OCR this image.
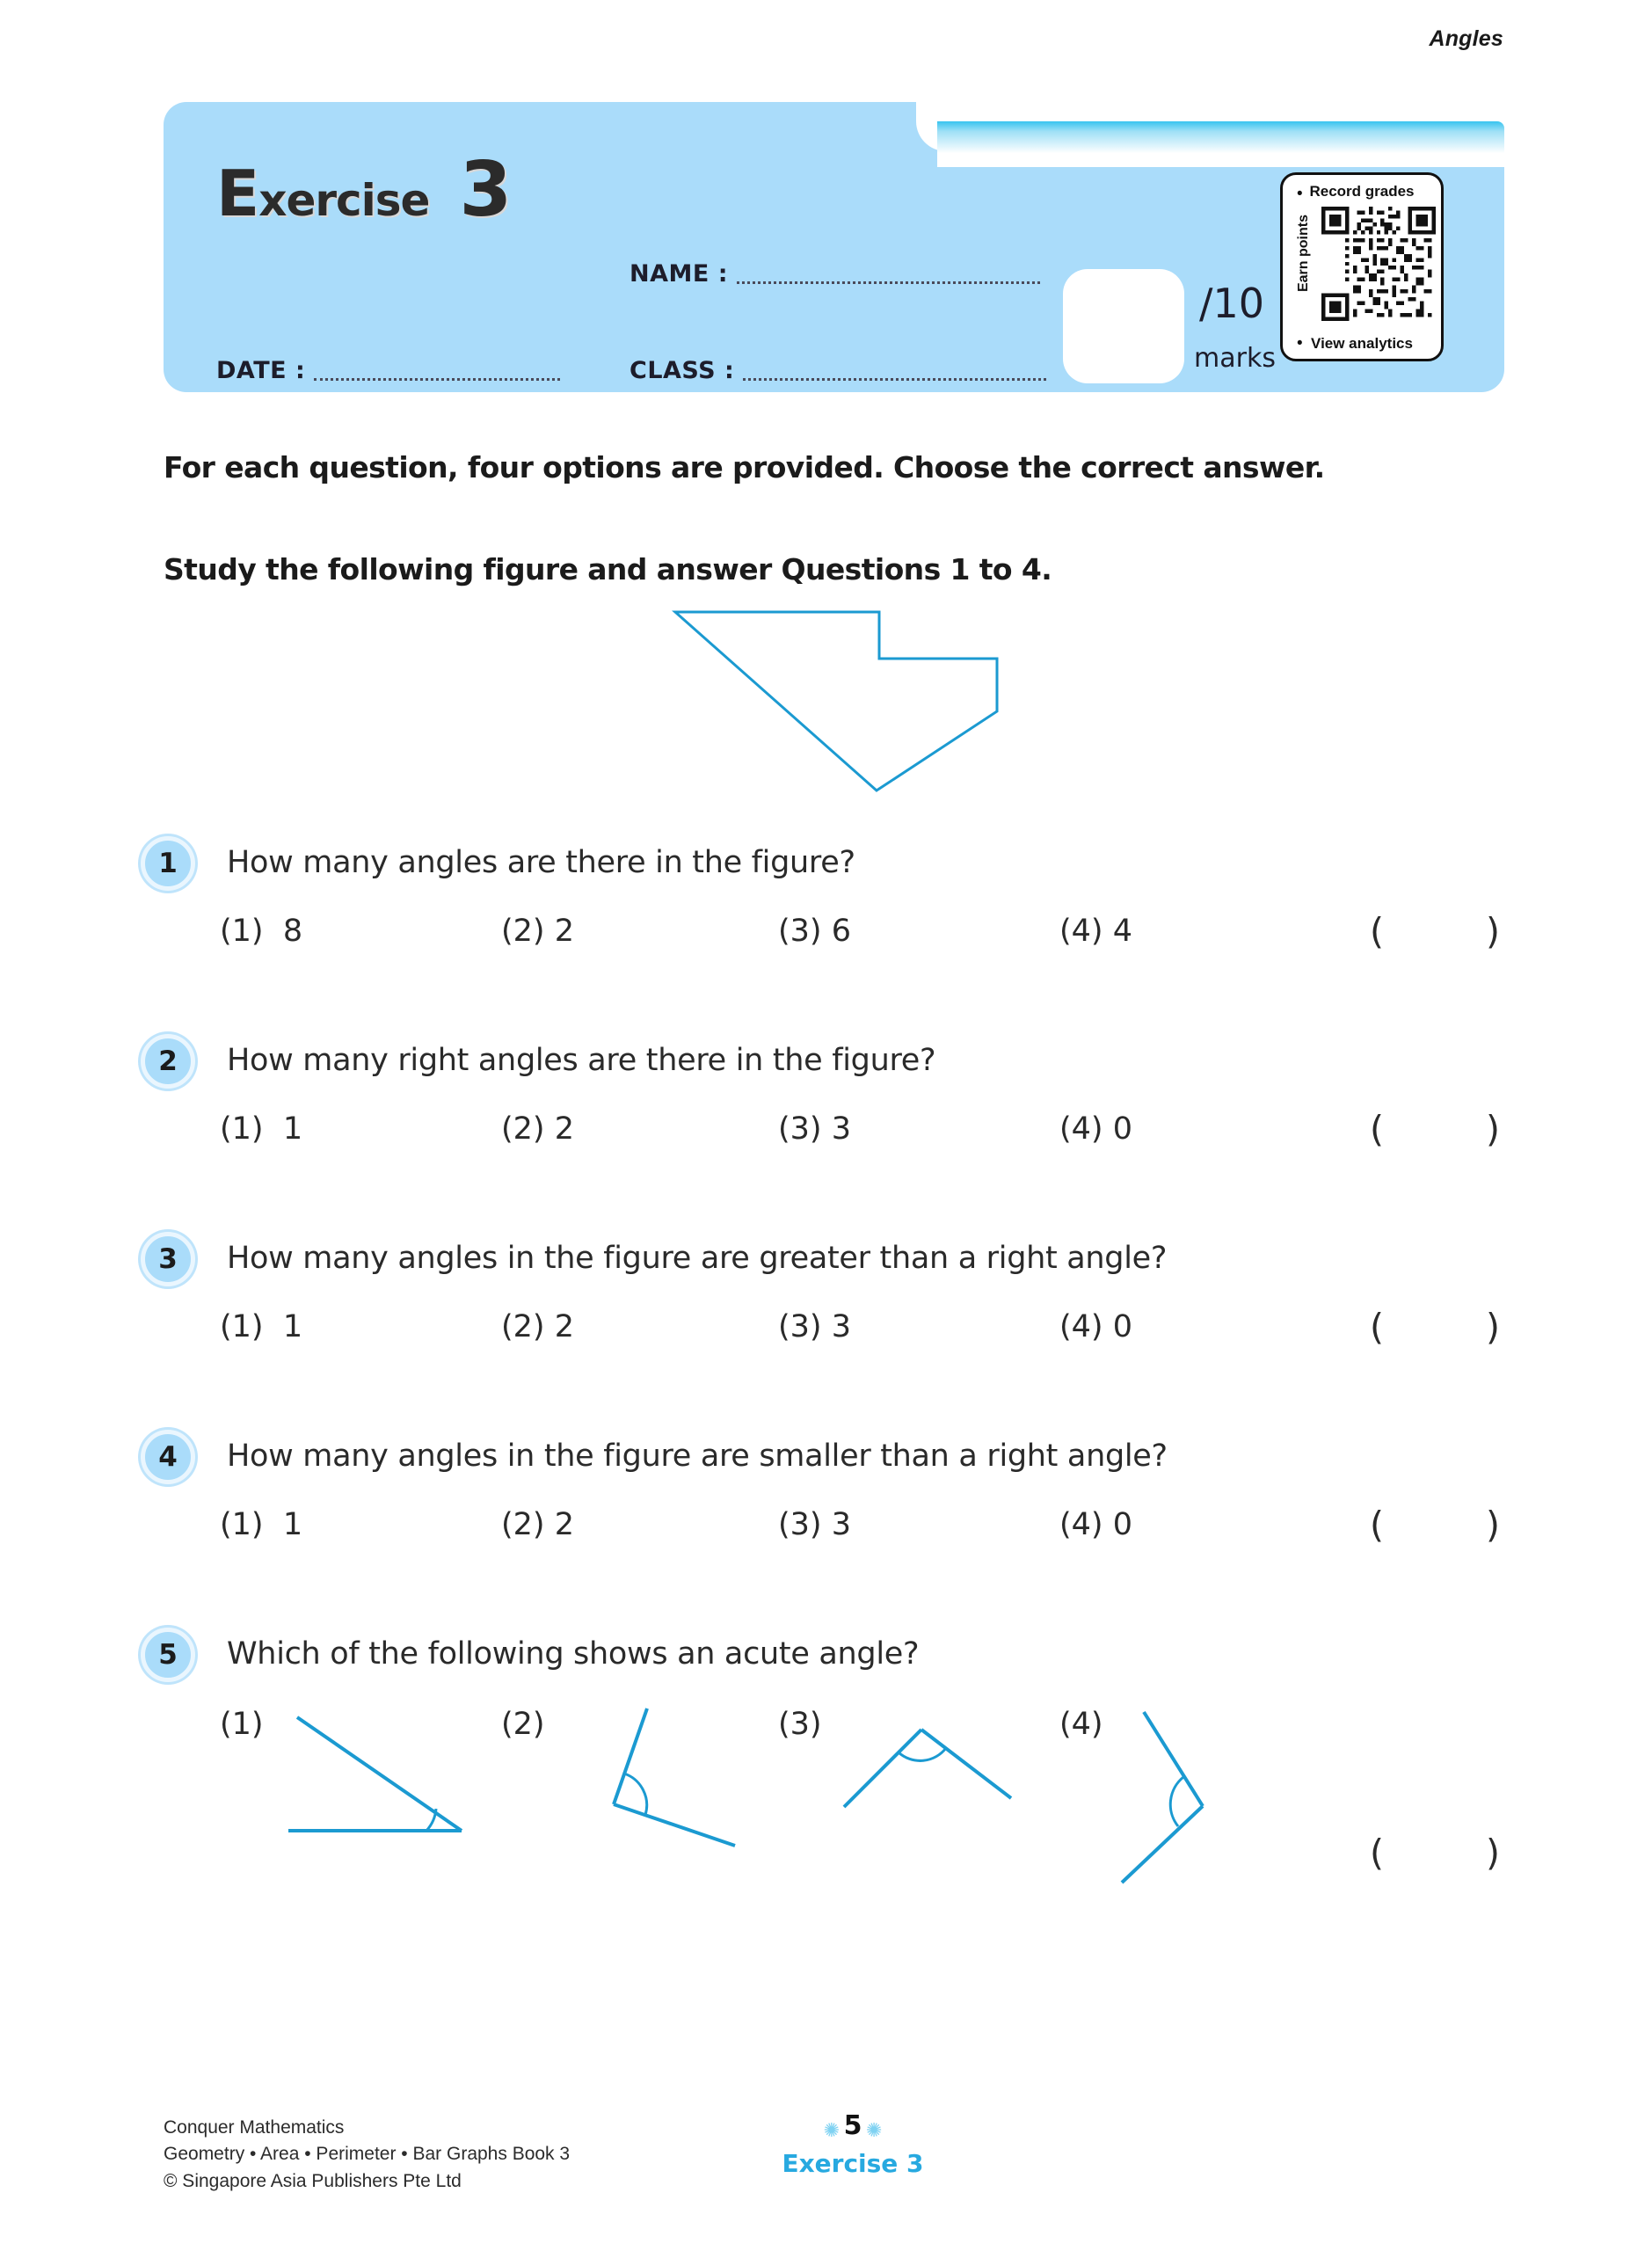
Exercise 3
NAME :
DATE :	CLASS :
/10
marks
• Record grades
Earn points
• View analytics
Angles
For each question, four options are provided. Choose the correct answer.
Study the following figure and answer Questions 1 to 4.
1	How many angles are there in the figure?
(1) 8	(2) 2	(3) 6	(4) 4	(	)
2	How many right angles are there in the figure?
(1) 1	(2) 2	(3) 3	(4) 0	(	)
3	How many angles in the figure are greater than a right angle?
(1) 1	(2) 2	(3) 3	(4) 0	(	)
4	How many angles in the figure are smaller than a right angle?
(1) 1	(2) 2	(3) 3	(4) 0	(	)
5	Which of the following shows an acute angle?
(1)	(2)	(3)	(4)
(	)
Conquer Mathematics
Geometry • Area • Perimeter • Bar Graphs Book 3
© Singapore Asia Publishers Pte Ltd
✺ 5 ✺
Exercise 3
